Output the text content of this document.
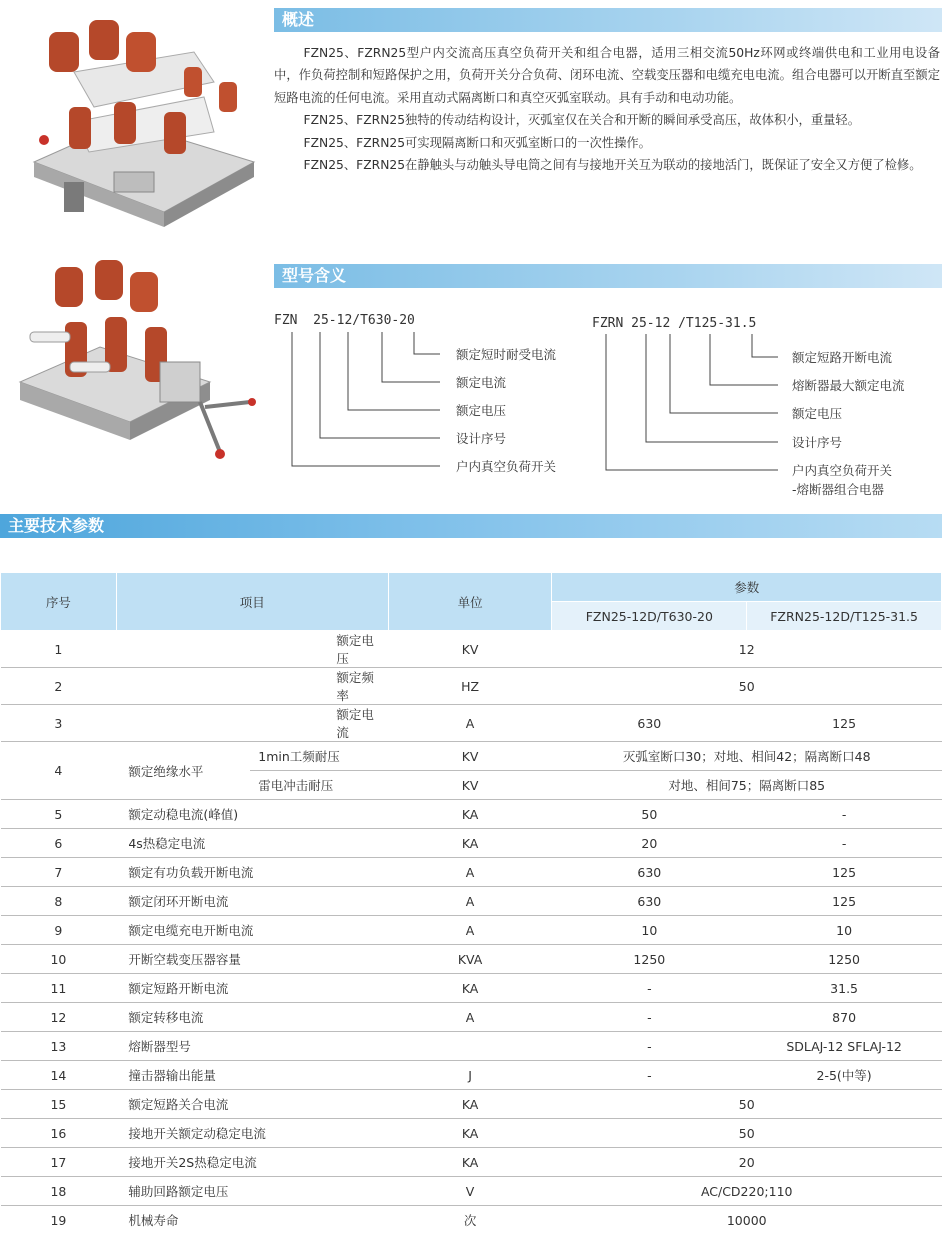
概述
型号含义
主要技术参数

FZN25、FZRN25型户内交流高压真空负荷开关和组合电器，适用三相交流50Hz环网或终端供电和工业用电设备中，作负荷控制和短路保护之用，负荷开关分合负荷、闭环电流、空载变压器和电缆充电电流。组合电器可以开断直至额定短路电流的任何电流。采用直动式隔离断口和真空灭弧室联动。具有手动和电动功能。

FZN25、FZRN25独特的传动结构设计，灭弧室仅在关合和开断的瞬间承受高压，故体积小，重量轻。

FZN25、FZRN25可实现隔离断口和灭弧室断口的一次性操作。

FZN25、FZRN25在静触头与动触头导电筒之间有与接地开关互为联动的接地活门，既保证了安全又方便了检修。

FZN  25-12/T630-20
额定短时耐受电流
额定电流
额定电压
设计序号
户内真空负荷开关
FZRN 25-12 /T125-31.5
额定短路开断电流
熔断器最大额定电流
额定电压
设计序号
户内真空负荷开关
-熔断器组合电器
序号	项目		单位	参数	
				FZN25-12D/T630-20	FZRN25-12D/T125-31.5
1	额定电压		KV	12	
2	额定频率		HZ	50	
3	额定电流		A	630	125
4	额定绝缘水平	1min工频耐压	KV	灭弧室断口30；对地、相间42；隔离断口48	
		雷电冲击耐压	KV	对地、相间75；隔离断口85	
5	额定动稳电流(峰值)		KA	50	-
6	4s热稳定电流		KA	20	-
7	额定有功负载开断电流		A	630	125
8	额定闭环开断电流		A	630	125
9	额定电缆充电开断电流		A	10	10
10	开断空载变压器容量		KVA	1250	1250
11	额定短路开断电流		KA	-	31.5
12	额定转移电流		A	-	870
13	熔断器型号			-	SDLAJ-12 SFLAJ-12
14	撞击器输出能量		J	-	2-5(中等)
15	额定短路关合电流		KA	50	
16	接地开关额定动稳定电流		KA	50	
17	接地开关2S热稳定电流		KA	20	
18	辅助回路额定电压		V	AC/CD220;110	
19	机械寿命		次	10000	
